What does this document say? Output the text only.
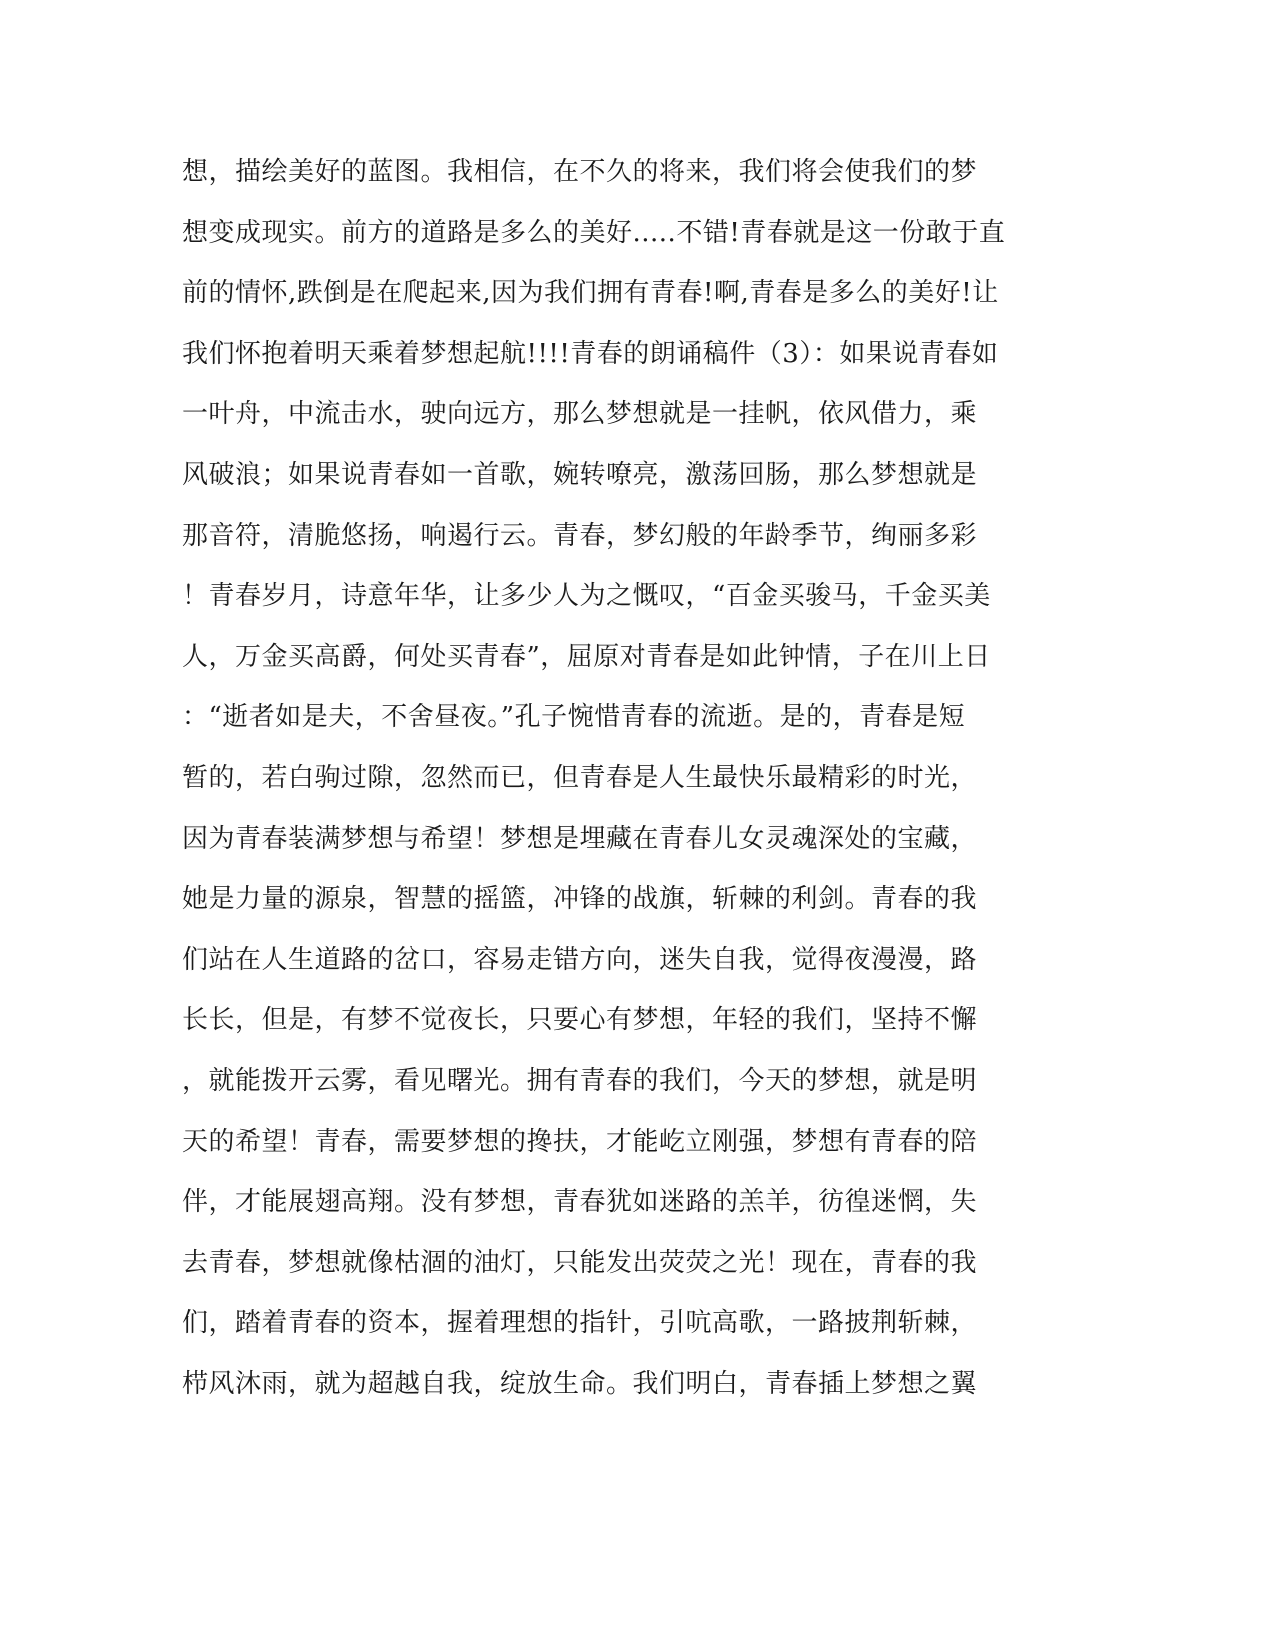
想，描绘美好的蓝图。我相信，在不久的将来，我们将会使我们的梦
想变成现实。前方的道路是多么的美好.....不错!青春就是这一份敢于直
前的情怀,跌倒是在爬起来,因为我们拥有青春!啊,青春是多么的美好!让
我们怀抱着明天乘着梦想起航!!!!青春的朗诵稿件（3）：如果说青春如
一叶舟，中流击水，驶向远方，那么梦想就是一挂帆，依风借力，乘
风破浪；如果说青春如一首歌，婉转嘹亮，激荡回肠，那么梦想就是
那音符，清脆悠扬，响遏行云。青春，梦幻般的年龄季节，绚丽多彩
！青春岁月，诗意年华，让多少人为之慨叹，“百金买骏马，千金买美
人，万金买高爵，何处买青春”，屈原对青春是如此钟情，子在川上日
：“逝者如是夫，不舍昼夜。”孔子惋惜青春的流逝。是的，青春是短
暂的，若白驹过隙，忽然而已，但青春是人生最快乐最精彩的时光，
因为青春装满梦想与希望！梦想是埋藏在青春儿女灵魂深处的宝藏，
她是力量的源泉，智慧的摇篮，冲锋的战旗，斩棘的利剑。青春的我
们站在人生道路的岔口，容易走错方向，迷失自我，觉得夜漫漫，路
长长，但是，有梦不觉夜长，只要心有梦想，年轻的我们，坚持不懈
，就能拨开云雾，看见曙光。拥有青春的我们，今天的梦想，就是明
天的希望！青春，需要梦想的搀扶，才能屹立刚强，梦想有青春的陪
伴，才能展翅高翔。没有梦想，青春犹如迷路的羔羊，彷徨迷惘，失
去青春，梦想就像枯涸的油灯，只能发出荧荧之光！现在，青春的我
们，踏着青春的资本，握着理想的指针，引吭高歌，一路披荆斩棘，
栉风沐雨，就为超越自我，绽放生命。我们明白，青春插上梦想之翼
